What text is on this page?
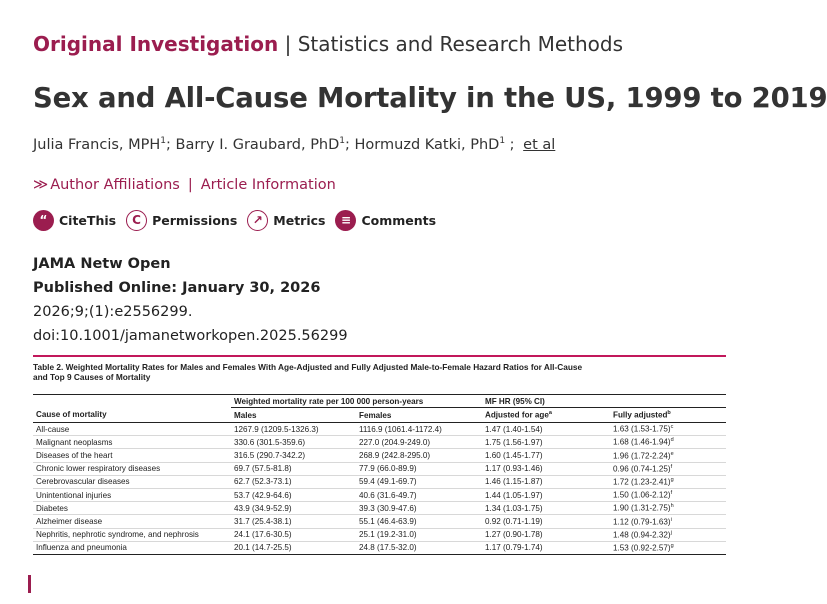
Original Investigation | Statistics and Research Methods
Sex and All-Cause Mortality in the US, 1999 to 2019
Julia Francis, MPH$^1$; Barry I. Graubard, PhD$^1$; Hormuzd Katki, PhD$^1$ ; et al
≫ Author Affiliations | Article Information
“ CiteThis	C Permissions	↗ Metrics	≡ Comments
JAMA Netw Open
Published Online: January 30, 2026
2026;9;(1):e2556299.
doi:10.1001/jamanetworkopen.2025.56299
Table 2. Weighted Mortality Rates for Males and Females With Age-Adjusted and Fully Adjusted Male-to-Female Hazard Ratios for All-Cause and Top 9 Causes of Mortality
	Weighted mortality rate per 100 000 person-years		MF HR (95% CI)	
Cause of mortality	Males	Females	Adjusted for age$^a$	Fully adjusted$^b$
All-cause	1267.9 (1209.5-1326.3)	1116.9 (1061.4-1172.4)	1.47 (1.40-1.54)	1.63 $(1.53-1.75)^c$
Malignant neoplasms	330.6 (301.5-359.6)	227.0 (204.9-249.0)	1.75 (1.56-1.97)	1.68 $(1.46-1.94)^d$
Diseases of the heart	316.5 (290.7-342.2)	268.9 (242.8-295.0)	1.60 (1.45-1.77)	1.96 $(1.72-2.24)^e$
Chronic lower respiratory diseases	69.7 (57.5-81.8)	77.9 (66.0-89.9)	1.17 (0.93-1.46)	0.96 $(0.74-1.25)^f$
Cerebrovascular diseases	62.7 (52.3-73.1)	59.4 (49.1-69.7)	1.46 (1.15-1.87)	1.72 $(1.23-2.41)^g$
Unintentional injuries	53.7 (42.9-64.6)	40.6 (31.6-49.7)	1.44 (1.05-1.97)	1.50 $(1.06-2.12)^f$
Diabetes	43.9 (34.9-52.9)	39.3 (30.9-47.6)	1.34 (1.03-1.75)	1.90 $(1.31-2.75)^h$
Alzheimer disease	31.7 (25.4-38.1)	55.1 (46.4-63.9)	0.92 (0.71-1.19)	1.12 $(0.79-1.63)^i$
Nephritis, nephrotic syndrome, and nephrosis	24.1 (17.6-30.5)	25.1 (19.2-31.0)	1.27 (0.90-1.78)	1.48 $(0.94-2.32)^j$
Influenza and pneumonia	20.1 (14.7-25.5)	24.8 (17.5-32.0)	1.17 (0.79-1.74)	1.53 $(0.92-2.57)^g$
